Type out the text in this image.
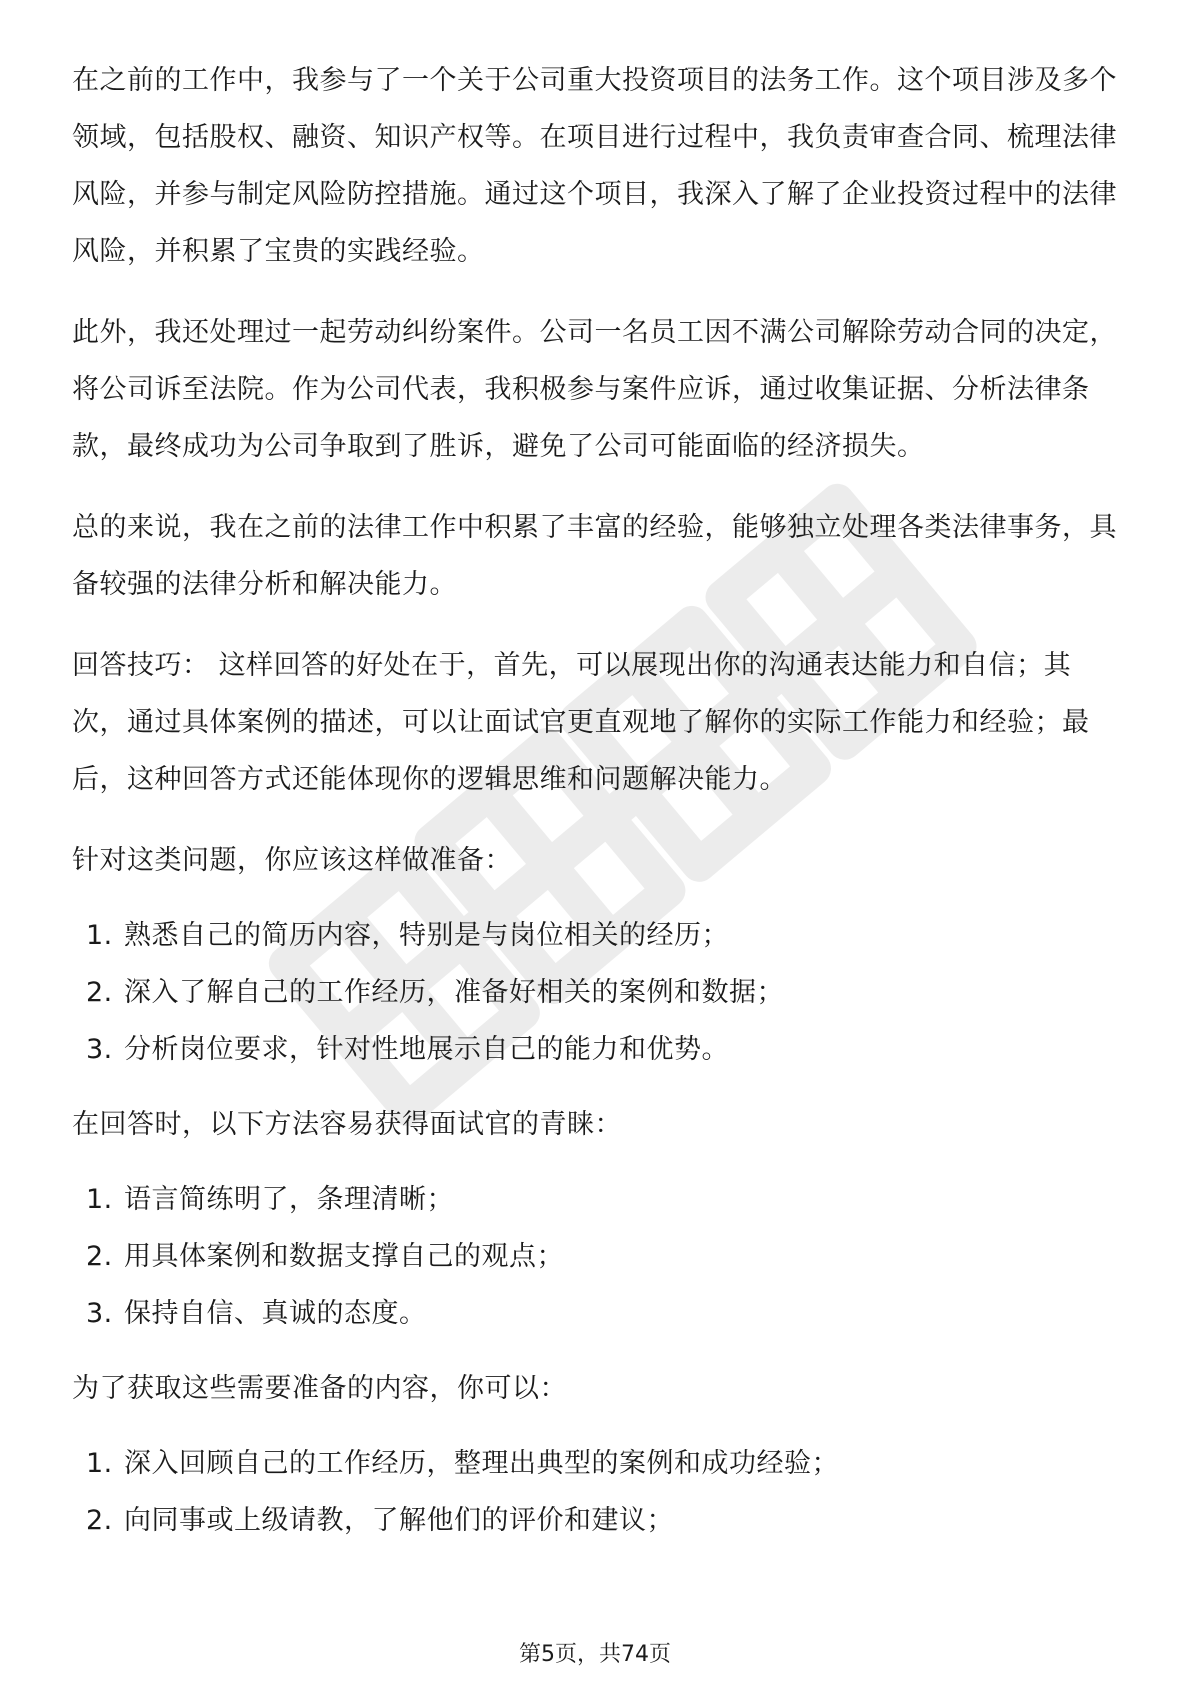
在之前的工作中，我参与了一个关于公司重大投资项目的法务工作。这个项目涉及多个领域，包括股权、融资、知识产权等。在项目进行过程中，我负责审查合同、梳理法律风险，并参与制定风险防控措施。通过这个项目，我深入了解了企业投资过程中的法律风险，并积累了宝贵的实践经验。

此外，我还处理过一起劳动纠纷案件。公司一名员工因不满公司解除劳动合同的决定，将公司诉至法院。作为公司代表，我积极参与案件应诉，通过收集证据、分析法律条款，最终成功为公司争取到了胜诉，避免了公司可能面临的经济损失。

总的来说，我在之前的法律工作中积累了丰富的经验，能够独立处理各类法律事务，具备较强的法律分析和解决能力。

回答技巧： 这样回答的好处在于，首先，可以展现出你的沟通表达能力和自信；其次，通过具体案例的描述，可以让面试官更直观地了解你的实际工作能力和经验；最后，这种回答方式还能体现你的逻辑思维和问题解决能力。

针对这类问题，你应该这样做准备：

1. 熟悉自己的简历内容，特别是与岗位相关的经历；
2. 深入了解自己的工作经历，准备好相关的案例和数据；
3. 分析岗位要求，针对性地展示自己的能力和优势。

在回答时，以下方法容易获得面试官的青睐：

1. 语言简练明了，条理清晰；
2. 用具体案例和数据支撑自己的观点；
3. 保持自信、真诚的态度。

为了获取这些需要准备的内容，你可以：

1. 深入回顾自己的工作经历，整理出典型的案例和成功经验；
2. 向同事或上级请教，了解他们的评价和建议；
第5页，共74页
